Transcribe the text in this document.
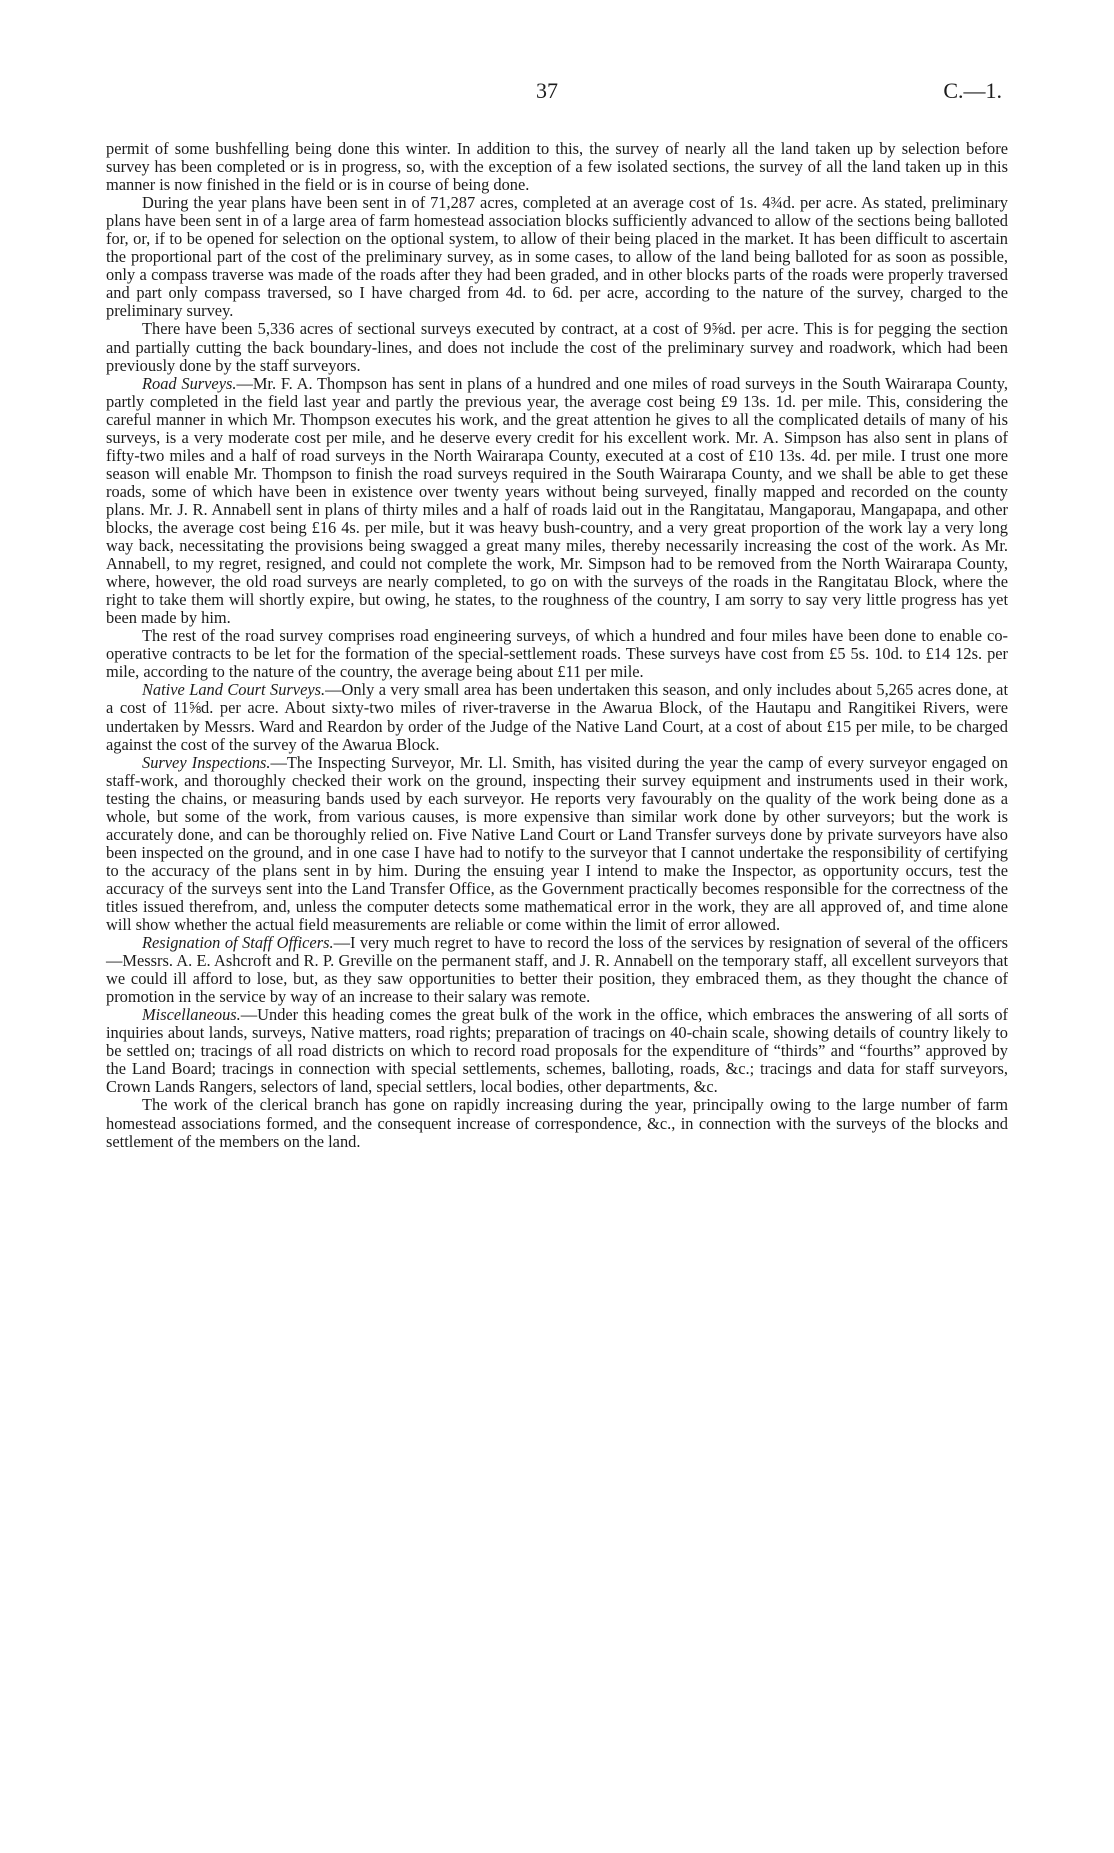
37	C.—1.

permit of some bushfelling being done this winter. In addition to this, the survey of nearly all the land taken up by selection before survey has been completed or is in progress, so, with the exception of a few isolated sections, the survey of all the land taken up in this manner is now finished in the field or is in course of being done.

During the year plans have been sent in of 71,287 acres, completed at an average cost of 1s. 4¾d. per acre. As stated, preliminary plans have been sent in of a large area of farm homestead association blocks sufficiently advanced to allow of the sections being balloted for, or, if to be opened for selection on the optional system, to allow of their being placed in the market. It has been difficult to ascertain the proportional part of the cost of the preliminary survey, as in some cases, to allow of the land being balloted for as soon as possible, only a compass traverse was made of the roads after they had been graded, and in other blocks parts of the roads were properly traversed and part only compass traversed, so I have charged from 4d. to 6d. per acre, according to the nature of the survey, charged to the preliminary survey.

There have been 5,336 acres of sectional surveys executed by contract, at a cost of 9⅝d. per acre. This is for pegging the section and partially cutting the back boundary-lines, and does not include the cost of the preliminary survey and roadwork, which had been previously done by the staff surveyors.

Road Surveys.—Mr. F. A. Thompson has sent in plans of a hundred and one miles of road surveys in the South Wairarapa County, partly completed in the field last year and partly the previous year, the average cost being £9 13s. 1d. per mile. This, considering the careful manner in which Mr. Thompson executes his work, and the great attention he gives to all the complicated details of many of his surveys, is a very moderate cost per mile, and he deserve every credit for his excellent work. Mr. A. Simpson has also sent in plans of fifty-two miles and a half of road surveys in the North Wairarapa County, executed at a cost of £10 13s. 4d. per mile. I trust one more season will enable Mr. Thompson to finish the road surveys required in the South Wairarapa County, and we shall be able to get these roads, some of which have been in existence over twenty years without being surveyed, finally mapped and recorded on the county plans. Mr. J. R. Annabell sent in plans of thirty miles and a half of roads laid out in the Rangitatau, Mangaporau, Mangapapa, and other blocks, the average cost being £16 4s. per mile, but it was heavy bush-country, and a very great proportion of the work lay a very long way back, necessitating the provisions being swagged a great many miles, thereby necessarily increasing the cost of the work. As Mr. Annabell, to my regret, resigned, and could not complete the work, Mr. Simpson had to be removed from the North Wairarapa County, where, however, the old road surveys are nearly completed, to go on with the surveys of the roads in the Rangitatau Block, where the right to take them will shortly expire, but owing, he states, to the roughness of the country, I am sorry to say very little progress has yet been made by him.

The rest of the road survey comprises road engineering surveys, of which a hundred and four miles have been done to enable co-operative contracts to be let for the formation of the special-settlement roads. These surveys have cost from £5 5s. 10d. to £14 12s. per mile, according to the nature of the country, the average being about £11 per mile.

Native Land Court Surveys.—Only a very small area has been undertaken this season, and only includes about 5,265 acres done, at a cost of 11⅝d. per acre. About sixty-two miles of river-traverse in the Awarua Block, of the Hautapu and Rangitikei Rivers, were undertaken by Messrs. Ward and Reardon by order of the Judge of the Native Land Court, at a cost of about £15 per mile, to be charged against the cost of the survey of the Awarua Block.

Survey Inspections.—The Inspecting Surveyor, Mr. Ll. Smith, has visited during the year the camp of every surveyor engaged on staff-work, and thoroughly checked their work on the ground, inspecting their survey equipment and instruments used in their work, testing the chains, or measuring bands used by each surveyor. He reports very favourably on the quality of the work being done as a whole, but some of the work, from various causes, is more expensive than similar work done by other surveyors; but the work is accurately done, and can be thoroughly relied on. Five Native Land Court or Land Transfer surveys done by private surveyors have also been inspected on the ground, and in one case I have had to notify to the surveyor that I cannot undertake the responsibility of certifying to the accuracy of the plans sent in by him. During the ensuing year I intend to make the Inspector, as opportunity occurs, test the accuracy of the surveys sent into the Land Transfer Office, as the Government practically becomes responsible for the correctness of the titles issued therefrom, and, unless the computer detects some mathematical error in the work, they are all approved of, and time alone will show whether the actual field measurements are reliable or come within the limit of error allowed.

Resignation of Staff Officers.—I very much regret to have to record the loss of the services by resignation of several of the officers—Messrs. A. E. Ashcroft and R. P. Greville on the permanent staff, and J. R. Annabell on the temporary staff, all excellent surveyors that we could ill afford to lose, but, as they saw opportunities to better their position, they embraced them, as they thought the chance of promotion in the service by way of an increase to their salary was remote.

Miscellaneous.—Under this heading comes the great bulk of the work in the office, which embraces the answering of all sorts of inquiries about lands, surveys, Native matters, road rights; preparation of tracings on 40-chain scale, showing details of country likely to be settled on; tracings of all road districts on which to record road proposals for the expenditure of “thirds” and “fourths” approved by the Land Board; tracings in connection with special settlements, schemes, balloting, roads, &c.; tracings and data for staff surveyors, Crown Lands Rangers, selectors of land, special settlers, local bodies, other departments, &c.

The work of the clerical branch has gone on rapidly increasing during the year, principally owing to the large number of farm homestead associations formed, and the consequent increase of correspondence, &c., in connection with the surveys of the blocks and settlement of the members on the land.
